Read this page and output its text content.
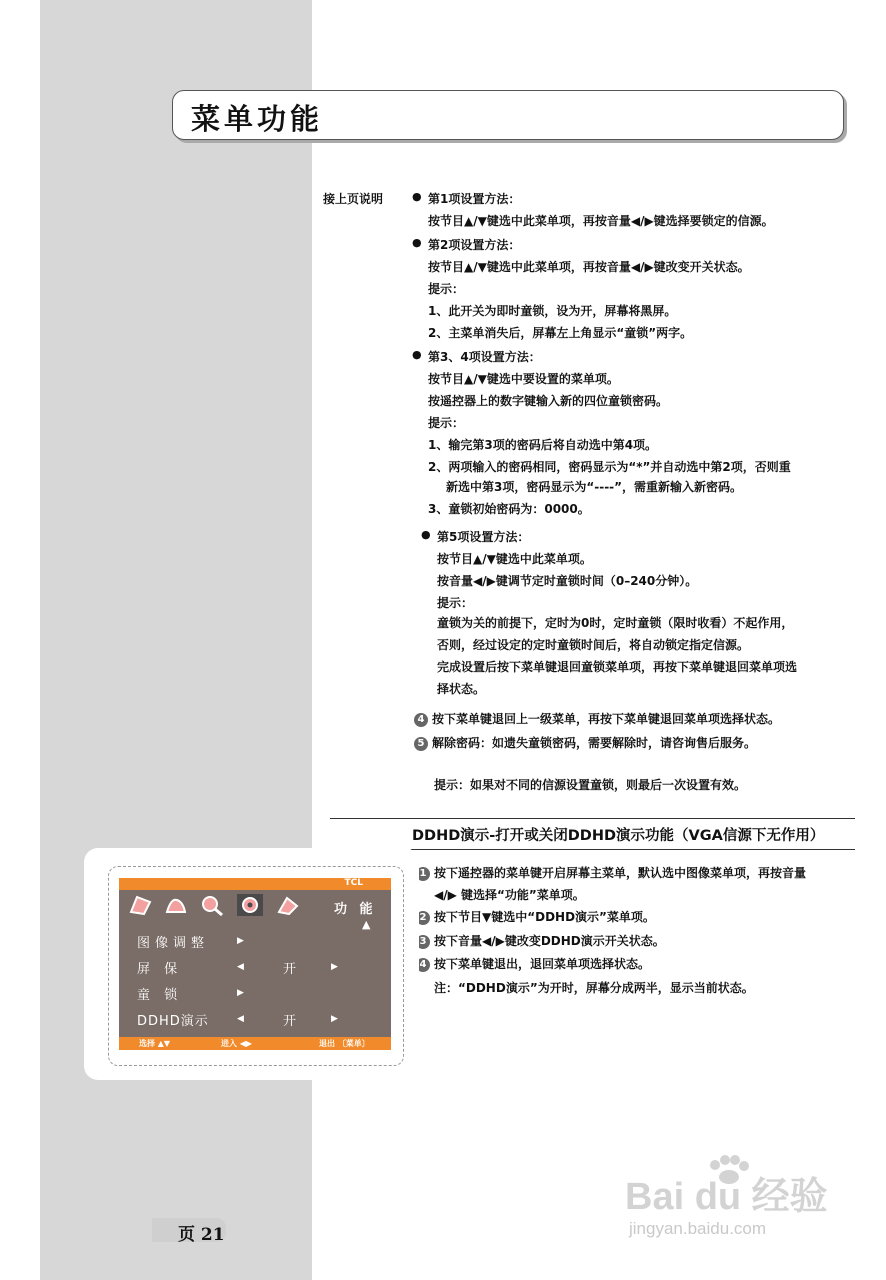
菜单功能
接上页说明
●	第1项设置方法：
按节目▲/▼键选中此菜单项，再按音量◀/▶键选择要锁定的信源。
● 第2项设置方法：
按节目▲/▼键选中此菜单项，再按音量◀/▶键改变开关状态。
提示：
1、此开关为即时童锁，设为开，屏幕将黑屏。
2、主菜单消失后，屏幕左上角显示“童锁”两字。
● 第3、4项设置方法：
按节目▲/▼键选中要设置的菜单项。
按遥控器上的数字键输入新的四位童锁密码。
提示：
1、输完第3项的密码后将自动选中第4项。
2、两项输入的密码相同，密码显示为“*”并自动选中第2项，否则重
新选中第3项，密码显示为“----”，需重新输入新密码。
3、童锁初始密码为：0000。
● 第5项设置方法：
按节目▲/▼键选中此菜单项。
按音量◀/▶键调节定时童锁时间（0–240分钟）。
提示：
童锁为关的前提下，定时为0时，定时童锁（限时收看）不起作用，
否则，经过设定的定时童锁时间后，将自动锁定指定信源。
完成设置后按下菜单键退回童锁菜单项，再按下菜单键退回菜单项选
择状态。
4 按下菜单键退回上一级菜单，再按下菜单键退回菜单项选择状态。
5 解除密码：如遗失童锁密码，需要解除时，请咨询售后服务。
提示：如果对不同的信源设置童锁，则最后一次设置有效。
DDHD演示-打开或关闭DDHD演示功能（VGA信源下无作用）
1 按下遥控器的菜单键开启屏幕主菜单，默认选中图像菜单项，再按音量
◀/▶ 键选择“功能”菜单项。
2 按下节目▼键选中“DDHD演示”菜单项。
3 按下音量◀/▶键改变DDHD演示开关状态。
4 按下菜单键退出，退回菜单项选择状态。
注：“DDHD演示”为开时，屏幕分成两半，显示当前状态。
TCL
功 能
▲
图像调整	▶
屏 保	◀	开	▶
童 锁	▶
DDHD演示	◀	开	▶
选择 ▲▼	进入 ◀▶	退出 〔菜单〕
页 21
Bai du 经验
jingyan.baidu.com
